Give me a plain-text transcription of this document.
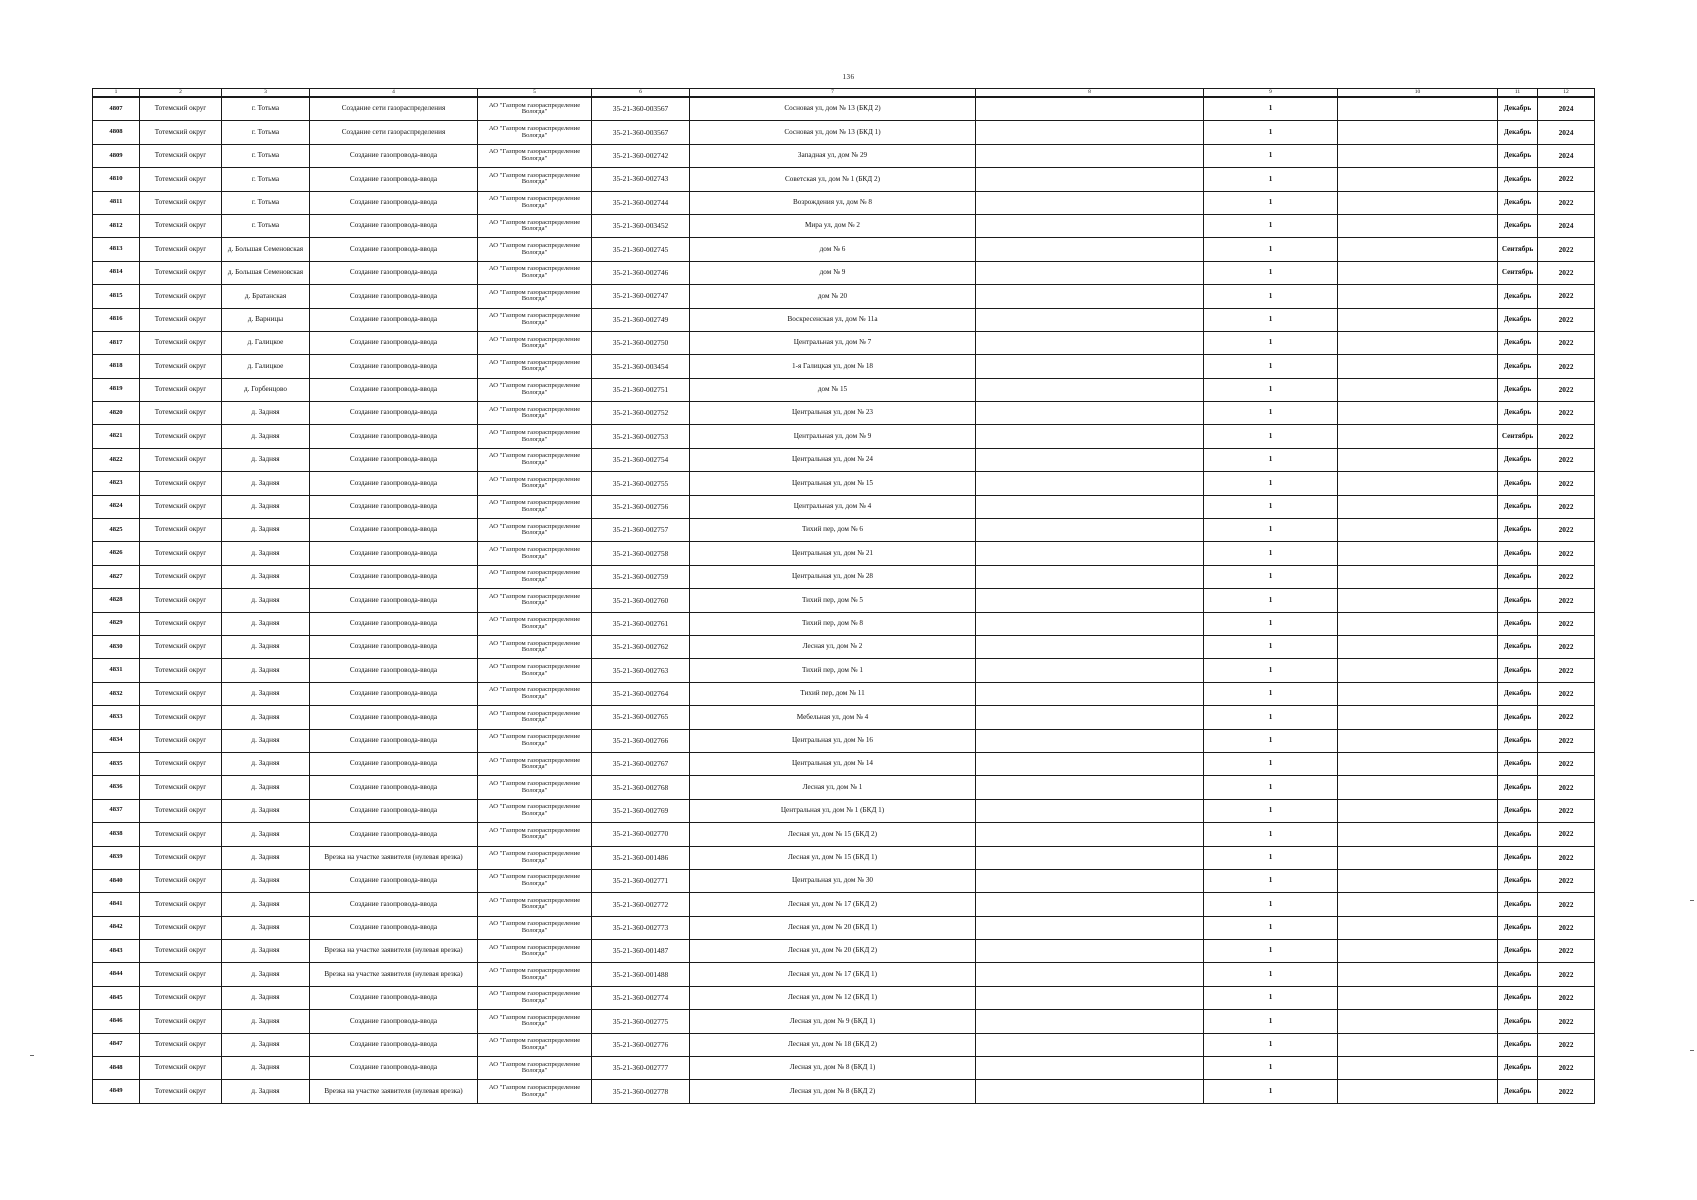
136
1	2	3	4	5	6	7	8	9	10	11	12
4807	Тотемский округ	г. Тотьма	Создание сети газораспределения	АО "Газпром газораспределение Вологда"	35-21-360-003567	Сосновая ул, дом № 13 (БКД 2)		1		Декабрь	2024
4808	Тотемский округ	г. Тотьма	Создание сети газораспределения	АО "Газпром газораспределение Вологда"	35-21-360-003567	Сосновая ул, дом № 13 (БКД 1)		1		Декабрь	2024
4809	Тотемский округ	г. Тотьма	Создание газопровода-ввода	АО "Газпром газораспределение Вологда"	35-21-360-002742	Западная ул, дом № 29		1		Декабрь	2024
4810	Тотемский округ	г. Тотьма	Создание газопровода-ввода	АО "Газпром газораспределение Вологда"	35-21-360-002743	Советская ул, дом № 1 (БКД 2)		1		Декабрь	2022
4811	Тотемский округ	г. Тотьма	Создание газопровода-ввода	АО "Газпром газораспределение Вологда"	35-21-360-002744	Возрождения ул, дом № 8		1		Декабрь	2022
4812	Тотемский округ	г. Тотьма	Создание газопровода-ввода	АО "Газпром газораспределение Вологда"	35-21-360-003452	Мира ул, дом № 2		1		Декабрь	2024
4813	Тотемский округ	д. Большая Семеновская	Создание газопровода-ввода	АО "Газпром газораспределение Вологда"	35-21-360-002745	дом № 6		1		Сентябрь	2022
4814	Тотемский округ	д. Большая Семеновская	Создание газопровода-ввода	АО "Газпром газораспределение Вологда"	35-21-360-002746	дом № 9		1		Сентябрь	2022
4815	Тотемский округ	д. Братанская	Создание газопровода-ввода	АО "Газпром газораспределение Вологда"	35-21-360-002747	дом № 20		1		Декабрь	2022
4816	Тотемский округ	д. Варницы	Создание газопровода-ввода	АО "Газпром газораспределение Вологда"	35-21-360-002749	Воскресенская ул, дом № 11а		1		Декабрь	2022
4817	Тотемский округ	д. Галицкое	Создание газопровода-ввода	АО "Газпром газораспределение Вологда"	35-21-360-002750	Центральная ул, дом № 7		1		Декабрь	2022
4818	Тотемский округ	д. Галицкое	Создание газопровода-ввода	АО "Газпром газораспределение Вологда"	35-21-360-003454	1-я Галицкая ул, дом № 18		1		Декабрь	2022
4819	Тотемский округ	д. Горбенцово	Создание газопровода-ввода	АО "Газпром газораспределение Вологда"	35-21-360-002751	дом № 15		1		Декабрь	2022
4820	Тотемский округ	д. Задняя	Создание газопровода-ввода	АО "Газпром газораспределение Вологда"	35-21-360-002752	Центральная ул, дом № 23		1		Декабрь	2022
4821	Тотемский округ	д. Задняя	Создание газопровода-ввода	АО "Газпром газораспределение Вологда"	35-21-360-002753	Центральная ул, дом № 9		1		Сентябрь	2022
4822	Тотемский округ	д. Задняя	Создание газопровода-ввода	АО "Газпром газораспределение Вологда"	35-21-360-002754	Центральная ул, дом № 24		1		Декабрь	2022
4823	Тотемский округ	д. Задняя	Создание газопровода-ввода	АО "Газпром газораспределение Вологда"	35-21-360-002755	Центральная ул, дом № 15		1		Декабрь	2022
4824	Тотемский округ	д. Задняя	Создание газопровода-ввода	АО "Газпром газораспределение Вологда"	35-21-360-002756	Центральная ул, дом № 4		1		Декабрь	2022
4825	Тотемский округ	д. Задняя	Создание газопровода-ввода	АО "Газпром газораспределение Вологда"	35-21-360-002757	Тихий пер, дом № 6		1		Декабрь	2022
4826	Тотемский округ	д. Задняя	Создание газопровода-ввода	АО "Газпром газораспределение Вологда"	35-21-360-002758	Центральная ул, дом № 21		1		Декабрь	2022
4827	Тотемский округ	д. Задняя	Создание газопровода-ввода	АО "Газпром газораспределение Вологда"	35-21-360-002759	Центральная ул, дом № 28		1		Декабрь	2022
4828	Тотемский округ	д. Задняя	Создание газопровода-ввода	АО "Газпром газораспределение Вологда"	35-21-360-002760	Тихий пер, дом № 5		1		Декабрь	2022
4829	Тотемский округ	д. Задняя	Создание газопровода-ввода	АО "Газпром газораспределение Вологда"	35-21-360-002761	Тихий пер, дом № 8		1		Декабрь	2022
4830	Тотемский округ	д. Задняя	Создание газопровода-ввода	АО "Газпром газораспределение Вологда"	35-21-360-002762	Лесная ул, дом № 2		1		Декабрь	2022
4831	Тотемский округ	д. Задняя	Создание газопровода-ввода	АО "Газпром газораспределение Вологда"	35-21-360-002763	Тихий пер, дом № 1		1		Декабрь	2022
4832	Тотемский округ	д. Задняя	Создание газопровода-ввода	АО "Газпром газораспределение Вологда"	35-21-360-002764	Тихий пер, дом № 11		1		Декабрь	2022
4833	Тотемский округ	д. Задняя	Создание газопровода-ввода	АО "Газпром газораспределение Вологда"	35-21-360-002765	Мебельная ул, дом № 4		1		Декабрь	2022
4834	Тотемский округ	д. Задняя	Создание газопровода-ввода	АО "Газпром газораспределение Вологда"	35-21-360-002766	Центральная ул, дом № 16		1		Декабрь	2022
4835	Тотемский округ	д. Задняя	Создание газопровода-ввода	АО "Газпром газораспределение Вологда"	35-21-360-002767	Центральная ул, дом № 14		1		Декабрь	2022
4836	Тотемский округ	д. Задняя	Создание газопровода-ввода	АО "Газпром газораспределение Вологда"	35-21-360-002768	Лесная ул, дом № 1		1		Декабрь	2022
4837	Тотемский округ	д. Задняя	Создание газопровода-ввода	АО "Газпром газораспределение Вологда"	35-21-360-002769	Центральная ул, дом № 1 (БКД 1)		1		Декабрь	2022
4838	Тотемский округ	д. Задняя	Создание газопровода-ввода	АО "Газпром газораспределение Вологда"	35-21-360-002770	Лесная ул, дом № 15 (БКД 2)		1		Декабрь	2022
4839	Тотемский округ	д. Задняя	Врезка на участке заявителя (нулевая врезка)	АО "Газпром газораспределение Вологда"	35-21-360-001486	Лесная ул, дом № 15 (БКД 1)		1		Декабрь	2022
4840	Тотемский округ	д. Задняя	Создание газопровода-ввода	АО "Газпром газораспределение Вологда"	35-21-360-002771	Центральная ул, дом № 30		1		Декабрь	2022
4841	Тотемский округ	д. Задняя	Создание газопровода-ввода	АО "Газпром газораспределение Вологда"	35-21-360-002772	Лесная ул, дом № 17 (БКД 2)		1		Декабрь	2022
4842	Тотемский округ	д. Задняя	Создание газопровода-ввода	АО "Газпром газораспределение Вологда"	35-21-360-002773	Лесная ул, дом № 20 (БКД 1)		1		Декабрь	2022
4843	Тотемский округ	д. Задняя	Врезка на участке заявителя (нулевая врезка)	АО "Газпром газораспределение Вологда"	35-21-360-001487	Лесная ул, дом № 20 (БКД 2)		1		Декабрь	2022
4844	Тотемский округ	д. Задняя	Врезка на участке заявителя (нулевая врезка)	АО "Газпром газораспределение Вологда"	35-21-360-001488	Лесная ул, дом № 17 (БКД 1)		1		Декабрь	2022
4845	Тотемский округ	д. Задняя	Создание газопровода-ввода	АО "Газпром газораспределение Вологда"	35-21-360-002774	Лесная ул, дом № 12 (БКД 1)		1		Декабрь	2022
4846	Тотемский округ	д. Задняя	Создание газопровода-ввода	АО "Газпром газораспределение Вологда"	35-21-360-002775	Лесная ул, дом № 9 (БКД 1)		1		Декабрь	2022
4847	Тотемский округ	д. Задняя	Создание газопровода-ввода	АО "Газпром газораспределение Вологда"	35-21-360-002776	Лесная ул, дом № 18 (БКД 2)		1		Декабрь	2022
4848	Тотемский округ	д. Задняя	Создание газопровода-ввода	АО "Газпром газораспределение Вологда"	35-21-360-002777	Лесная ул, дом № 8 (БКД 1)		1		Декабрь	2022
4849	Тотемский округ	д. Задняя	Врезка на участке заявителя (нулевая врезка)	АО "Газпром газораспределение Вологда"	35-21-360-002778	Лесная ул, дом № 8 (БКД 2)		1		Декабрь	2022
